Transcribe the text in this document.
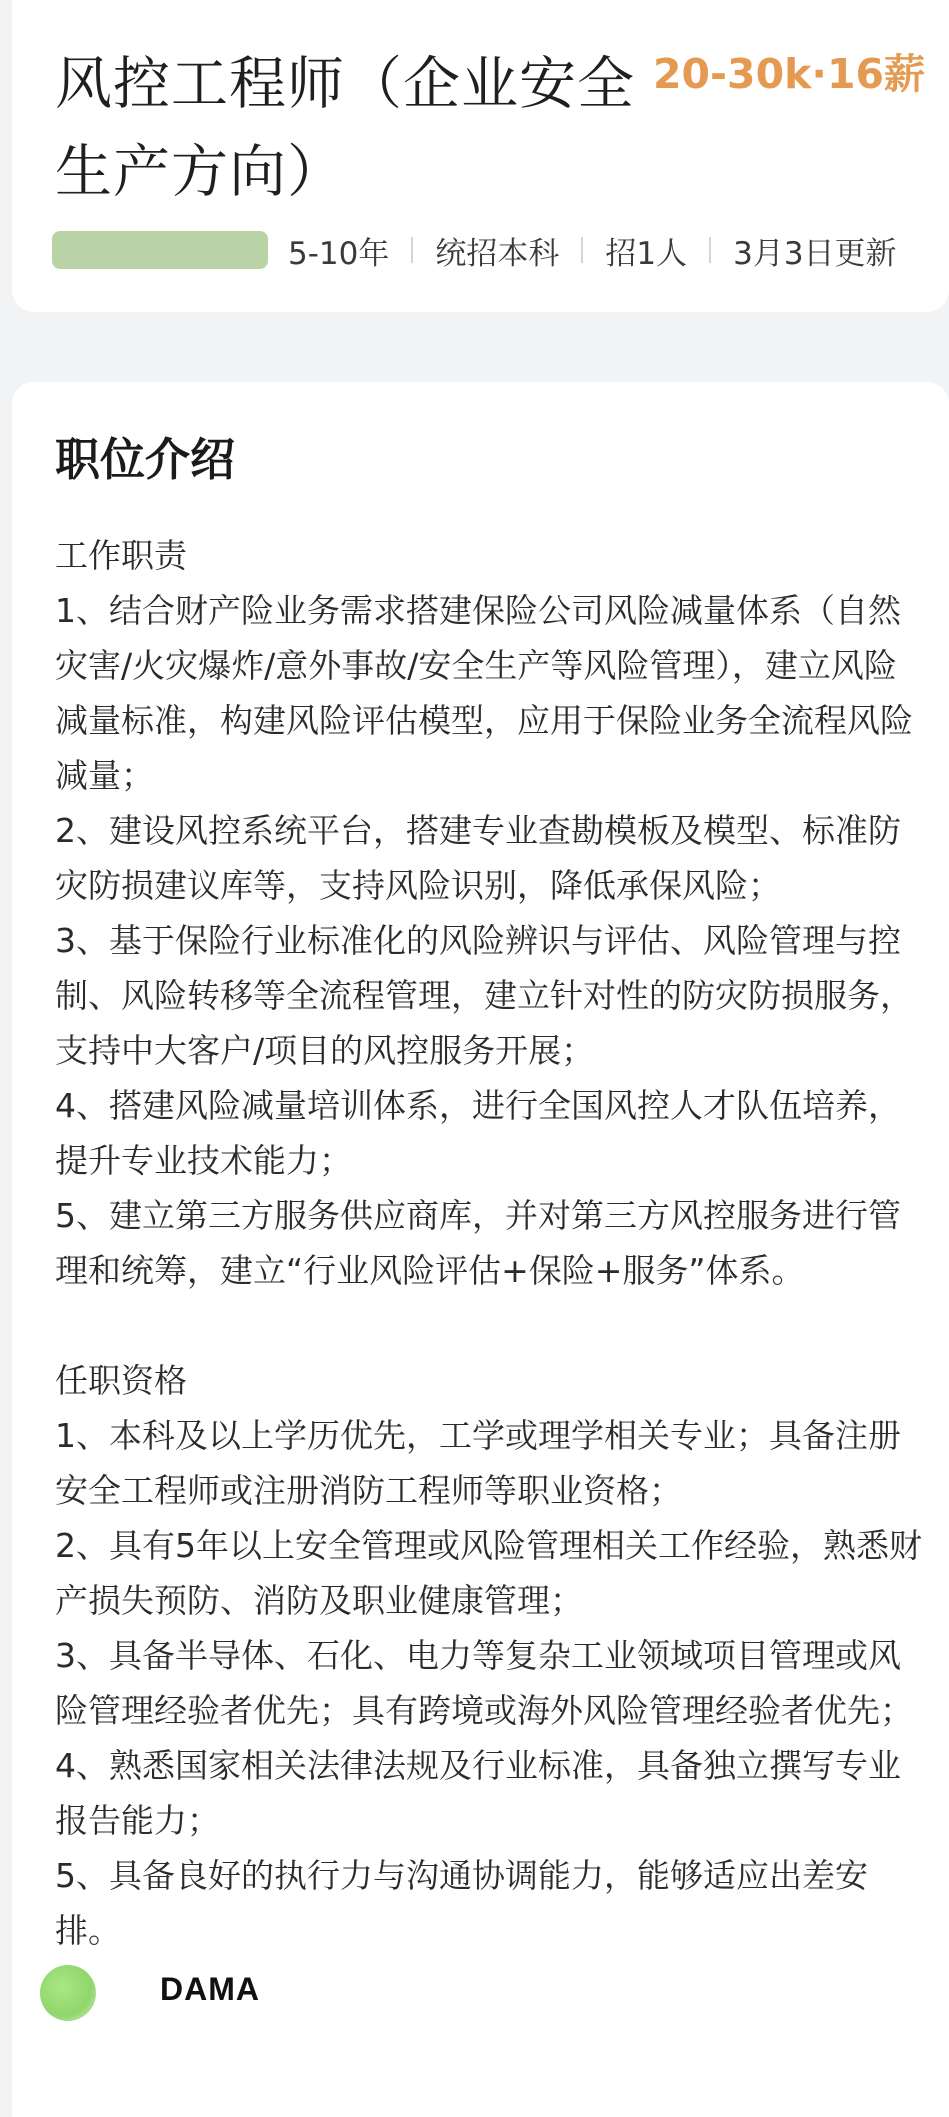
风控工程师（企业安全生产方向）
20-30k·16薪
5-10年 统招本科 招1人 3月3日更新
职位介绍

工作职责

1、结合财产险业务需求搭建保险公司风险减量体系（自然灾害/火灾爆炸/意外事故/安全生产等风险管理），建立风险减量标准，构建风险评估模型，应用于保险业务全流程风险减量；

2、建设风控系统平台，搭建专业查勘模板及模型、标准防灾防损建议库等，支持风险识别，降低承保风险；

3、基于保险行业标准化的风险辨识与评估、风险管理与控制、风险转移等全流程管理，建立针对性的防灾防损服务，支持中大客户/项目的风控服务开展；

4、搭建风险减量培训体系，进行全国风控人才队伍培养，提升专业技术能力；

5、建立第三方服务供应商库，并对第三方风控服务进行管理和统筹，建立“行业风险评估+保险+服务”体系。

任职资格

1、本科及以上学历优先，工学或理学相关专业；具备注册安全工程师或注册消防工程师等职业资格；

2、具有5年以上安全管理或风险管理相关工作经验，熟悉财产损失预防、消防及职业健康管理；

3、具备半导体、石化、电力等复杂工业领域项目管理或风险管理经验者优先；具有跨境或海外风险管理经验者优先；

4、熟悉国家相关法律法规及行业标准，具备独立撰写专业报告能力；

5、具备良好的执行力与沟通协调能力，能够适应出差安排。

DAMA
